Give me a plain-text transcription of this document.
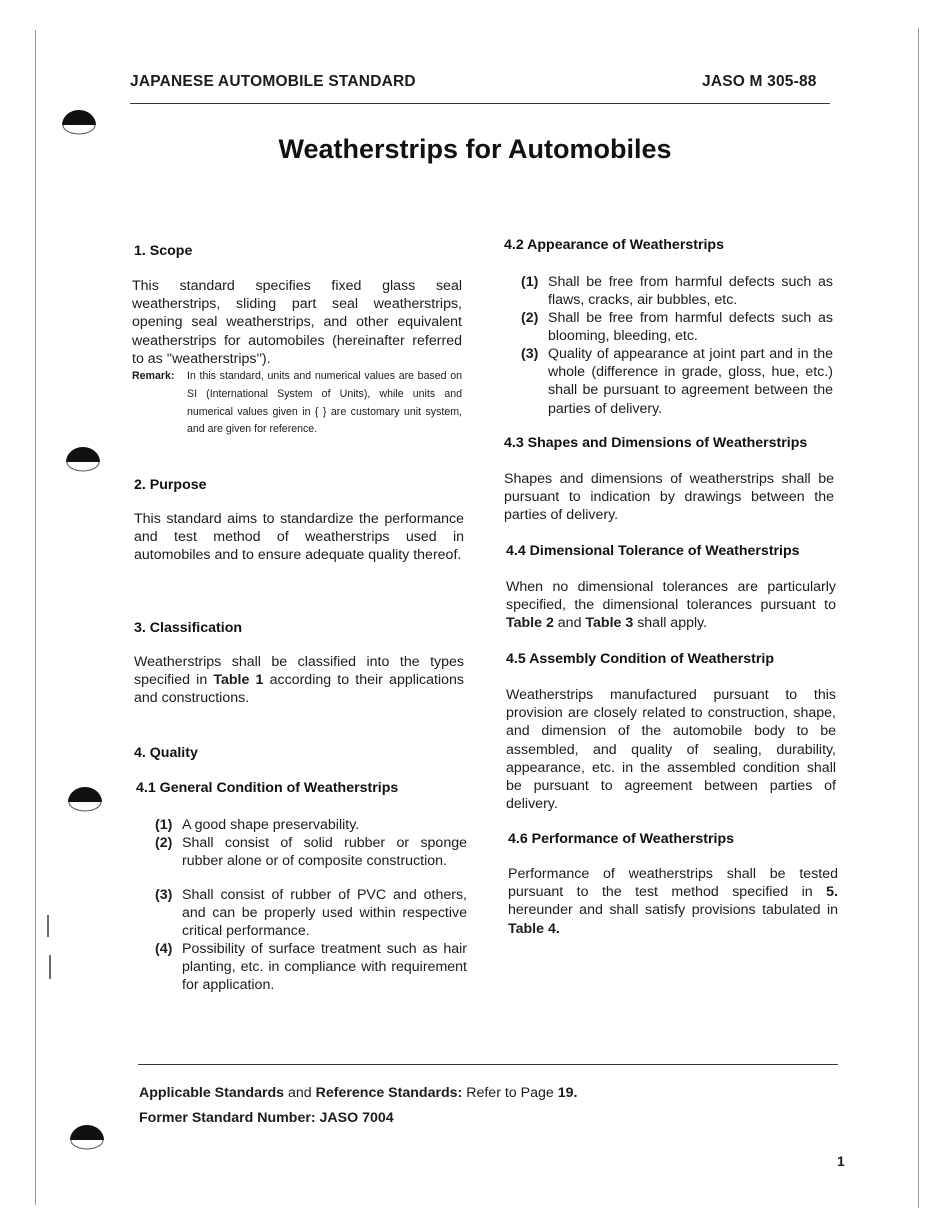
JAPANESE AUTOMOBILE STANDARD	JASO M 305-88
Weatherstrips for Automobiles
1. Scope
This standard specifies fixed glass seal weatherstrips, sliding part seal weatherstrips, opening seal weatherstrips, and other equivalent weatherstrips for automobiles (hereinafter referred to as ''weatherstrips'').
Remark: In this standard, units and numerical values are based on SI (International System of Units), while units and numerical values given in { } are customary unit system, and are given for reference.
2. Purpose
This standard aims to standardize the performance and test method of weatherstrips used in automobiles and to ensure adequate quality thereof.
3. Classification
Weatherstrips shall be classified into the types specified in Table 1 according to their applications and constructions.
4. Quality
4.1 General Condition of Weatherstrips
(1) A good shape preservability.
(2) Shall consist of solid rubber or sponge rubber alone or of composite construction.
(3) Shall consist of rubber of PVC and others, and can be properly used within respective critical performance.
(4) Possibility of surface treatment such as hair planting, etc. in compliance with requirement for application.
4.2 Appearance of Weatherstrips
(1) Shall be free from harmful defects such as flaws, cracks, air bubbles, etc.
(2) Shall be free from harmful defects such as blooming, bleeding, etc.
(3) Quality of appearance at joint part and in the whole (difference in grade, gloss, hue, etc.) shall be pursuant to agreement between the parties of delivery.
4.3 Shapes and Dimensions of Weatherstrips
Shapes and dimensions of weatherstrips shall be pursuant to indication by drawings between the parties of delivery.
4.4 Dimensional Tolerance of Weatherstrips
When no dimensional tolerances are particularly specified, the dimensional tolerances pursuant to Table 2 and Table 3 shall apply.
4.5 Assembly Condition of Weatherstrip
Weatherstrips manufactured pursuant to this provision are closely related to construction, shape, and dimension of the automobile body to be assembled, and quality of sealing, durability, appearance, etc. in the assembled condition shall be pursuant to agreement between parties of delivery.
4.6 Performance of Weatherstrips
Performance of weatherstrips shall be tested pursuant to the test method specified in 5. hereunder and shall satisfy provisions tabulated in Table 4.
Applicable Standards and Reference Standards: Refer to Page 19.
Former Standard Number: JASO 7004
1
